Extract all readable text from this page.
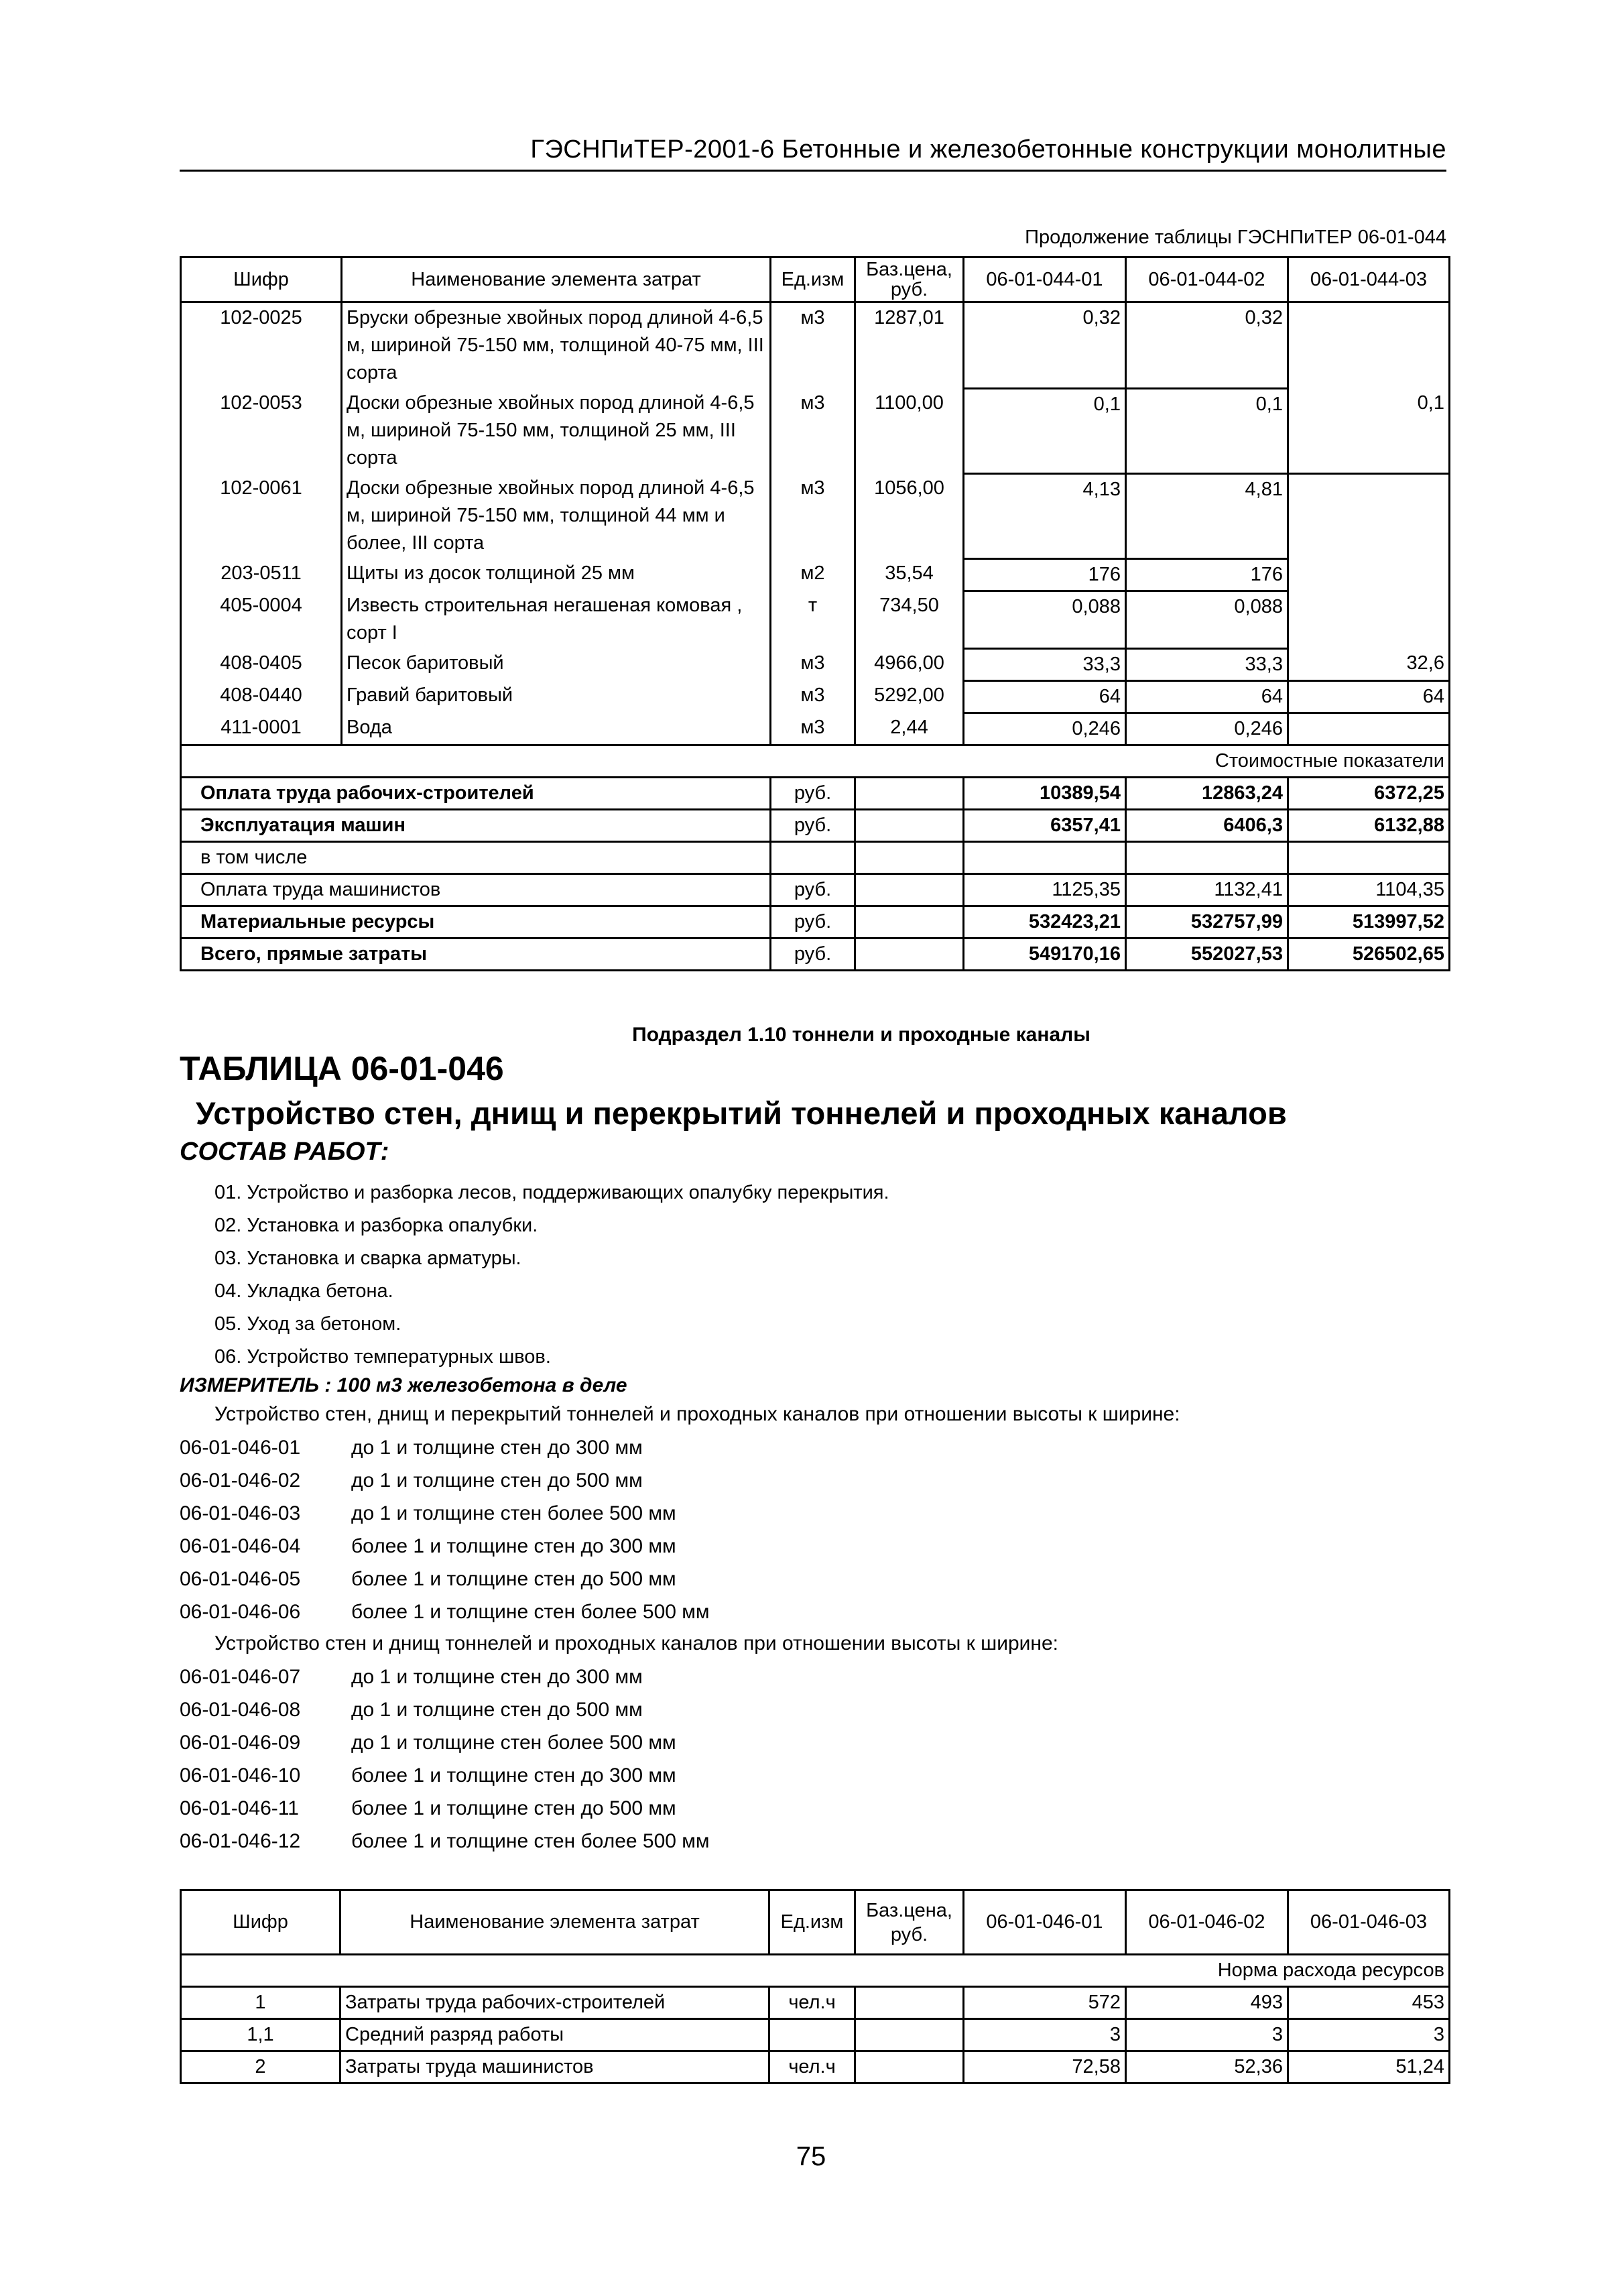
ГЭСНПиТЕР-2001-6 Бетонные и железобетонные конструкции монолитные
Продолжение таблицы ГЭСНПиТЕР 06-01-044
Шифр	Наименование элемента затрат	Ед.изм	Баз.цена, руб.	06-01-044-01	06-01-044-02	06-01-044-03
102-0025	Бруски обрезные хвойных пород длиной 4-6,5 м, шириной 75-150 мм, толщиной 40-75 мм, III сорта	м3	1287,01	0,32	0,32	
102-0053	Доски обрезные хвойных пород длиной 4-6,5 м, шириной 75-150 мм, толщиной 25 мм, III сорта	м3	1100,00	0,1	0,1	0,1
102-0061	Доски обрезные хвойных пород длиной 4-6,5 м, шириной 75-150 мм, толщиной 44 мм и более, III сорта	м3	1056,00	4,13	4,81	
203-0511	Щиты из досок толщиной 25 мм	м2	35,54	176	176	
405-0004	Известь строительная негашеная комовая , сорт I	т	734,50	0,088	0,088	
408-0405	Песок баритовый	м3	4966,00	33,3	33,3	32,6
408-0440	Гравий баритовый	м3	5292,00	64	64	64
411-0001	Вода	м3	2,44	0,246	0,246	
Стоимостные показатели						
Оплата труда рабочих-строителей		руб.		10389,54	12863,24	6372,25
Эксплуатация машин		руб.		6357,41	6406,3	6132,88
в том числе						
Оплата труда машинистов		руб.		1125,35	1132,41	1104,35
Материальные ресурсы		руб.		532423,21	532757,99	513997,52
Всего, прямые затраты		руб.		549170,16	552027,53	526502,65
Подраздел 1.10 тоннели и проходные каналы
ТАБЛИЦА 06-01-046
Устройство стен, днищ и перекрытий тоннелей и проходных каналов
СОСТАВ РАБОТ:
01. Устройство и разборка лесов, поддерживающих опалубку перекрытия.
02. Установка и разборка опалубки.
03. Установка и сварка арматуры.
04. Укладка бетона.
05. Уход за бетоном.
06. Устройство температурных швов.
ИЗМЕРИТЕЛЬ : 100 м3 железобетона в деле
Устройство стен, днищ и перекрытий тоннелей и проходных каналов при отношении высоты к ширине:
06-01-046-01	до 1 и толщине стен до 300 мм
06-01-046-02	до 1 и толщине стен до 500 мм
06-01-046-03	до 1 и толщине стен более 500 мм
06-01-046-04	более 1 и толщине стен до 300 мм
06-01-046-05	более 1 и толщине стен до 500 мм
06-01-046-06	более 1 и толщине стен более 500 мм
Устройство стен и днищ тоннелей и проходных каналов при отношении высоты к ширине:
06-01-046-07	до 1 и толщине стен до 300 мм
06-01-046-08	до 1 и толщине стен до 500 мм
06-01-046-09	до 1 и толщине стен более 500 мм
06-01-046-10	более 1 и толщине стен до 300 мм
06-01-046-11	более 1 и толщине стен до 500 мм
06-01-046-12	более 1 и толщине стен более 500 мм
Шифр	Наименование элемента затрат	Ед.изм	Баз.цена, руб.	06-01-046-01	06-01-046-02	06-01-046-03
Норма расхода ресурсов						
1	Затраты труда рабочих-строителей	чел.ч		572	493	453
1,1	Средний разряд работы			3	3	3
2	Затраты труда машинистов	чел.ч		72,58	52,36	51,24
75
